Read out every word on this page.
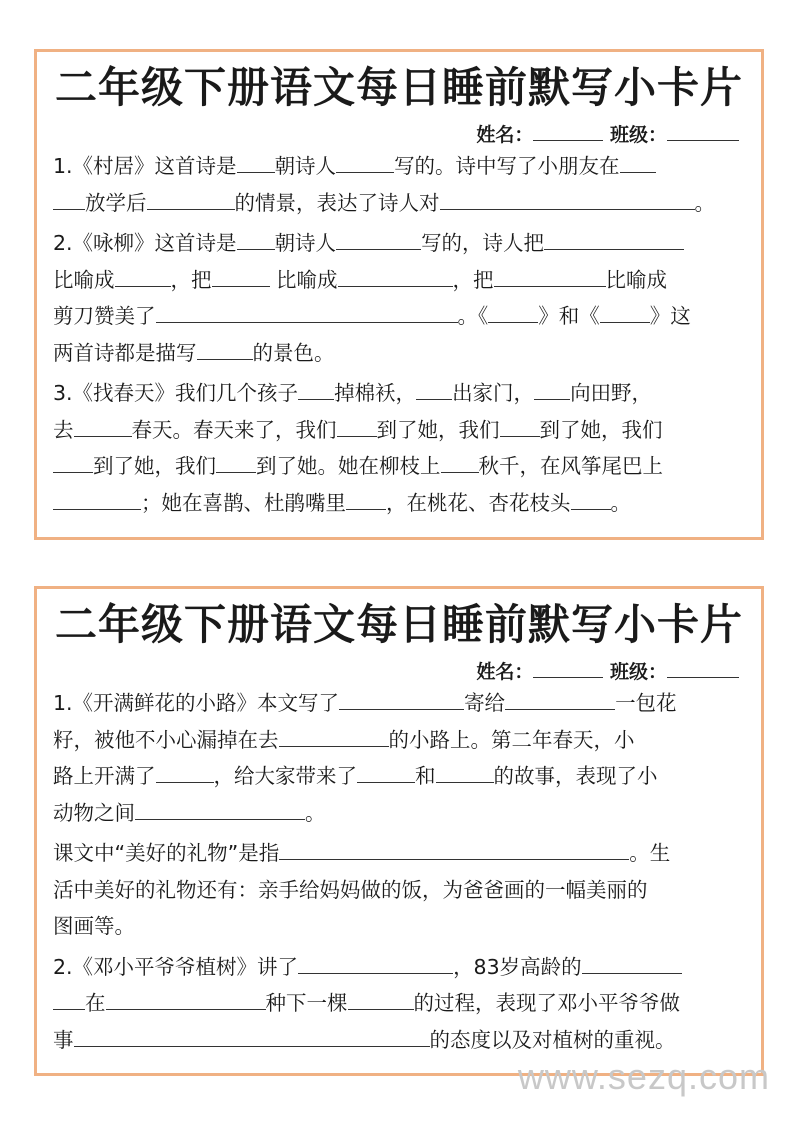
二年级下册语文每日睡前默写小卡片
姓名：	班级：
1.《村居》这首诗是 朝诗人	写的。诗中写了小朋友在
放学后	的情景，表达了诗人对	。
2.《咏柳》这首诗是 朝诗人	写的，诗人把
比喻成	，把	比喻成	，把	比喻成
剪刀赞美了	。《 》和《 》这
两首诗都是描写	的景色。
3.《找春天》我们几个孩子 掉棉袄， 出家门， 向田野，
去	春天。春天来了，我们 到了她，我们 到了她，我们
到了她，我们 到了她。她在柳枝上 秋千，在风筝尾巴上
；她在喜鹊、杜鹃嘴里 ，在桃花、杏花枝头 。
二年级下册语文每日睡前默写小卡片
姓名：	班级：
1.《开满鲜花的小路》本文写了	寄给	一包花
籽，被他不小心漏掉在去	的小路上。第二年春天，小
路上开满了	，给大家带来了	和	的故事，表现了小
动物之间	。
课文中“美好的礼物”是指	。生
活中美好的礼物还有：亲手给妈妈做的饭，为爸爸画的一幅美丽的
图画等。
2.《邓小平爷爷植树》讲了	，83岁高龄的
在	种下一棵	的过程，表现了邓小平爷爷做
事	的态度以及对植树的重视。
www.sezq.com
